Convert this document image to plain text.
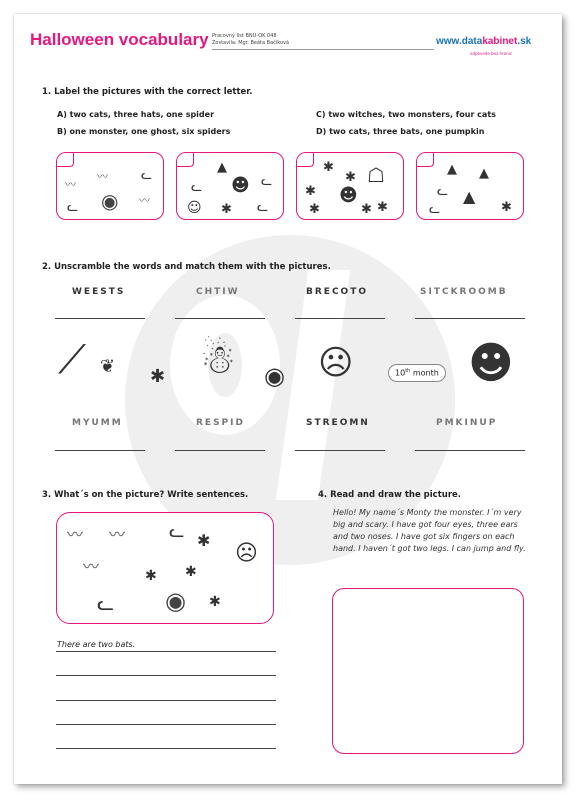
Halloween vocabulary Pracovný list BNU-OK 048
Zostavila: Mgr. Beáta Bačíková	www.datakabinet.sk
odpovede bez hranic
1. Label the pictures with the correct letter.
A) two cats, three hats, one spider
B) one monster, one ghost, six spiders
C) two witches, two monsters, four cats
D) two cats, three bats, one pumpkin
〰
〰
〰
◉
ᓚ
ᓚ
▲
☻
ᓚ	ᓚ
☺ ✱ ᓚ
✱ ☖
✱ ☻
✱
✱
✱
✱
▲ ▲
ᓚ ▲
ᓚ	✱
2. Unscramble the words and match them with the pictures.
WEESTS	CHTIW	BRECOTO	SITCKROOMB
⟋ ❦ ✱ ☃ ◉ ☹	10th month ☻
MYUMM	RESPID	STREOMN	PMKINUP
3. What´s on the picture? Write sentences.
〰 〰 ᓚ ✱
☹
〰	✱ ✱
ᓚ ◉ ✱
There are two bats.
4. Read and draw the picture.
Hello! My name´s Monty the monster. I´m very big and scary. I have got four eyes, three ears and two noses. I have got six fingers on each hand. I haven´t got two legs. I can jump and fly.
